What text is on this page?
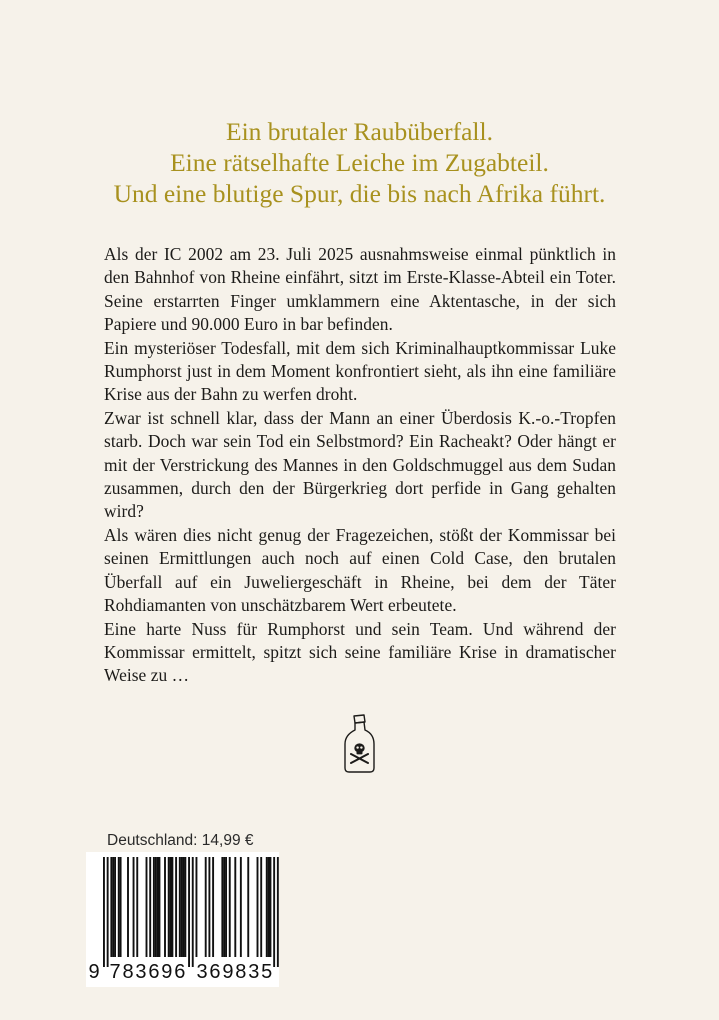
Ein brutaler Raubüberfall.
Eine rätselhafte Leiche im Zugabteil.
Und eine blutige Spur, die bis nach Afrika führt.

Als der IC 2002 am 23. Juli 2025 ausnahmsweise einmal pünktlich in den Bahnhof von Rheine einfährt, sitzt im Erste-Klasse-Abteil ein Toter. Seine erstarrten Finger umklammern eine Aktentasche, in der sich Papiere und 90.000 Euro in bar befinden.

Ein mysteriöser Todesfall, mit dem sich Kriminalhauptkommissar Luke Rumphorst just in dem Moment konfrontiert sieht, als ihn eine familiäre Krise aus der Bahn zu werfen droht.

Zwar ist schnell klar, dass der Mann an einer Überdosis K.-o.-Tropfen starb. Doch war sein Tod ein Selbstmord? Ein Racheakt? Oder hängt er mit der Verstrickung des Mannes in den Goldschmuggel aus dem Sudan zusammen, durch den der Bürgerkrieg dort perfide in Gang gehalten wird?

Als wären dies nicht genug der Fragezeichen, stößt der Kommissar bei seinen Ermittlungen auch noch auf einen Cold Case, den brutalen Überfall auf ein Juweliergeschäft in Rheine, bei dem der Täter Rohdiamanten von unschätzbarem Wert erbeutete.

Eine harte Nuss für Rumphorst und sein Team. Und während der Kommissar ermittelt, spitzt sich seine familiäre Krise in dramatischer Weise zu …

Deutschland: 14,99 €
9 7 8 3 6 9 6 3 6 9 8 3 5
